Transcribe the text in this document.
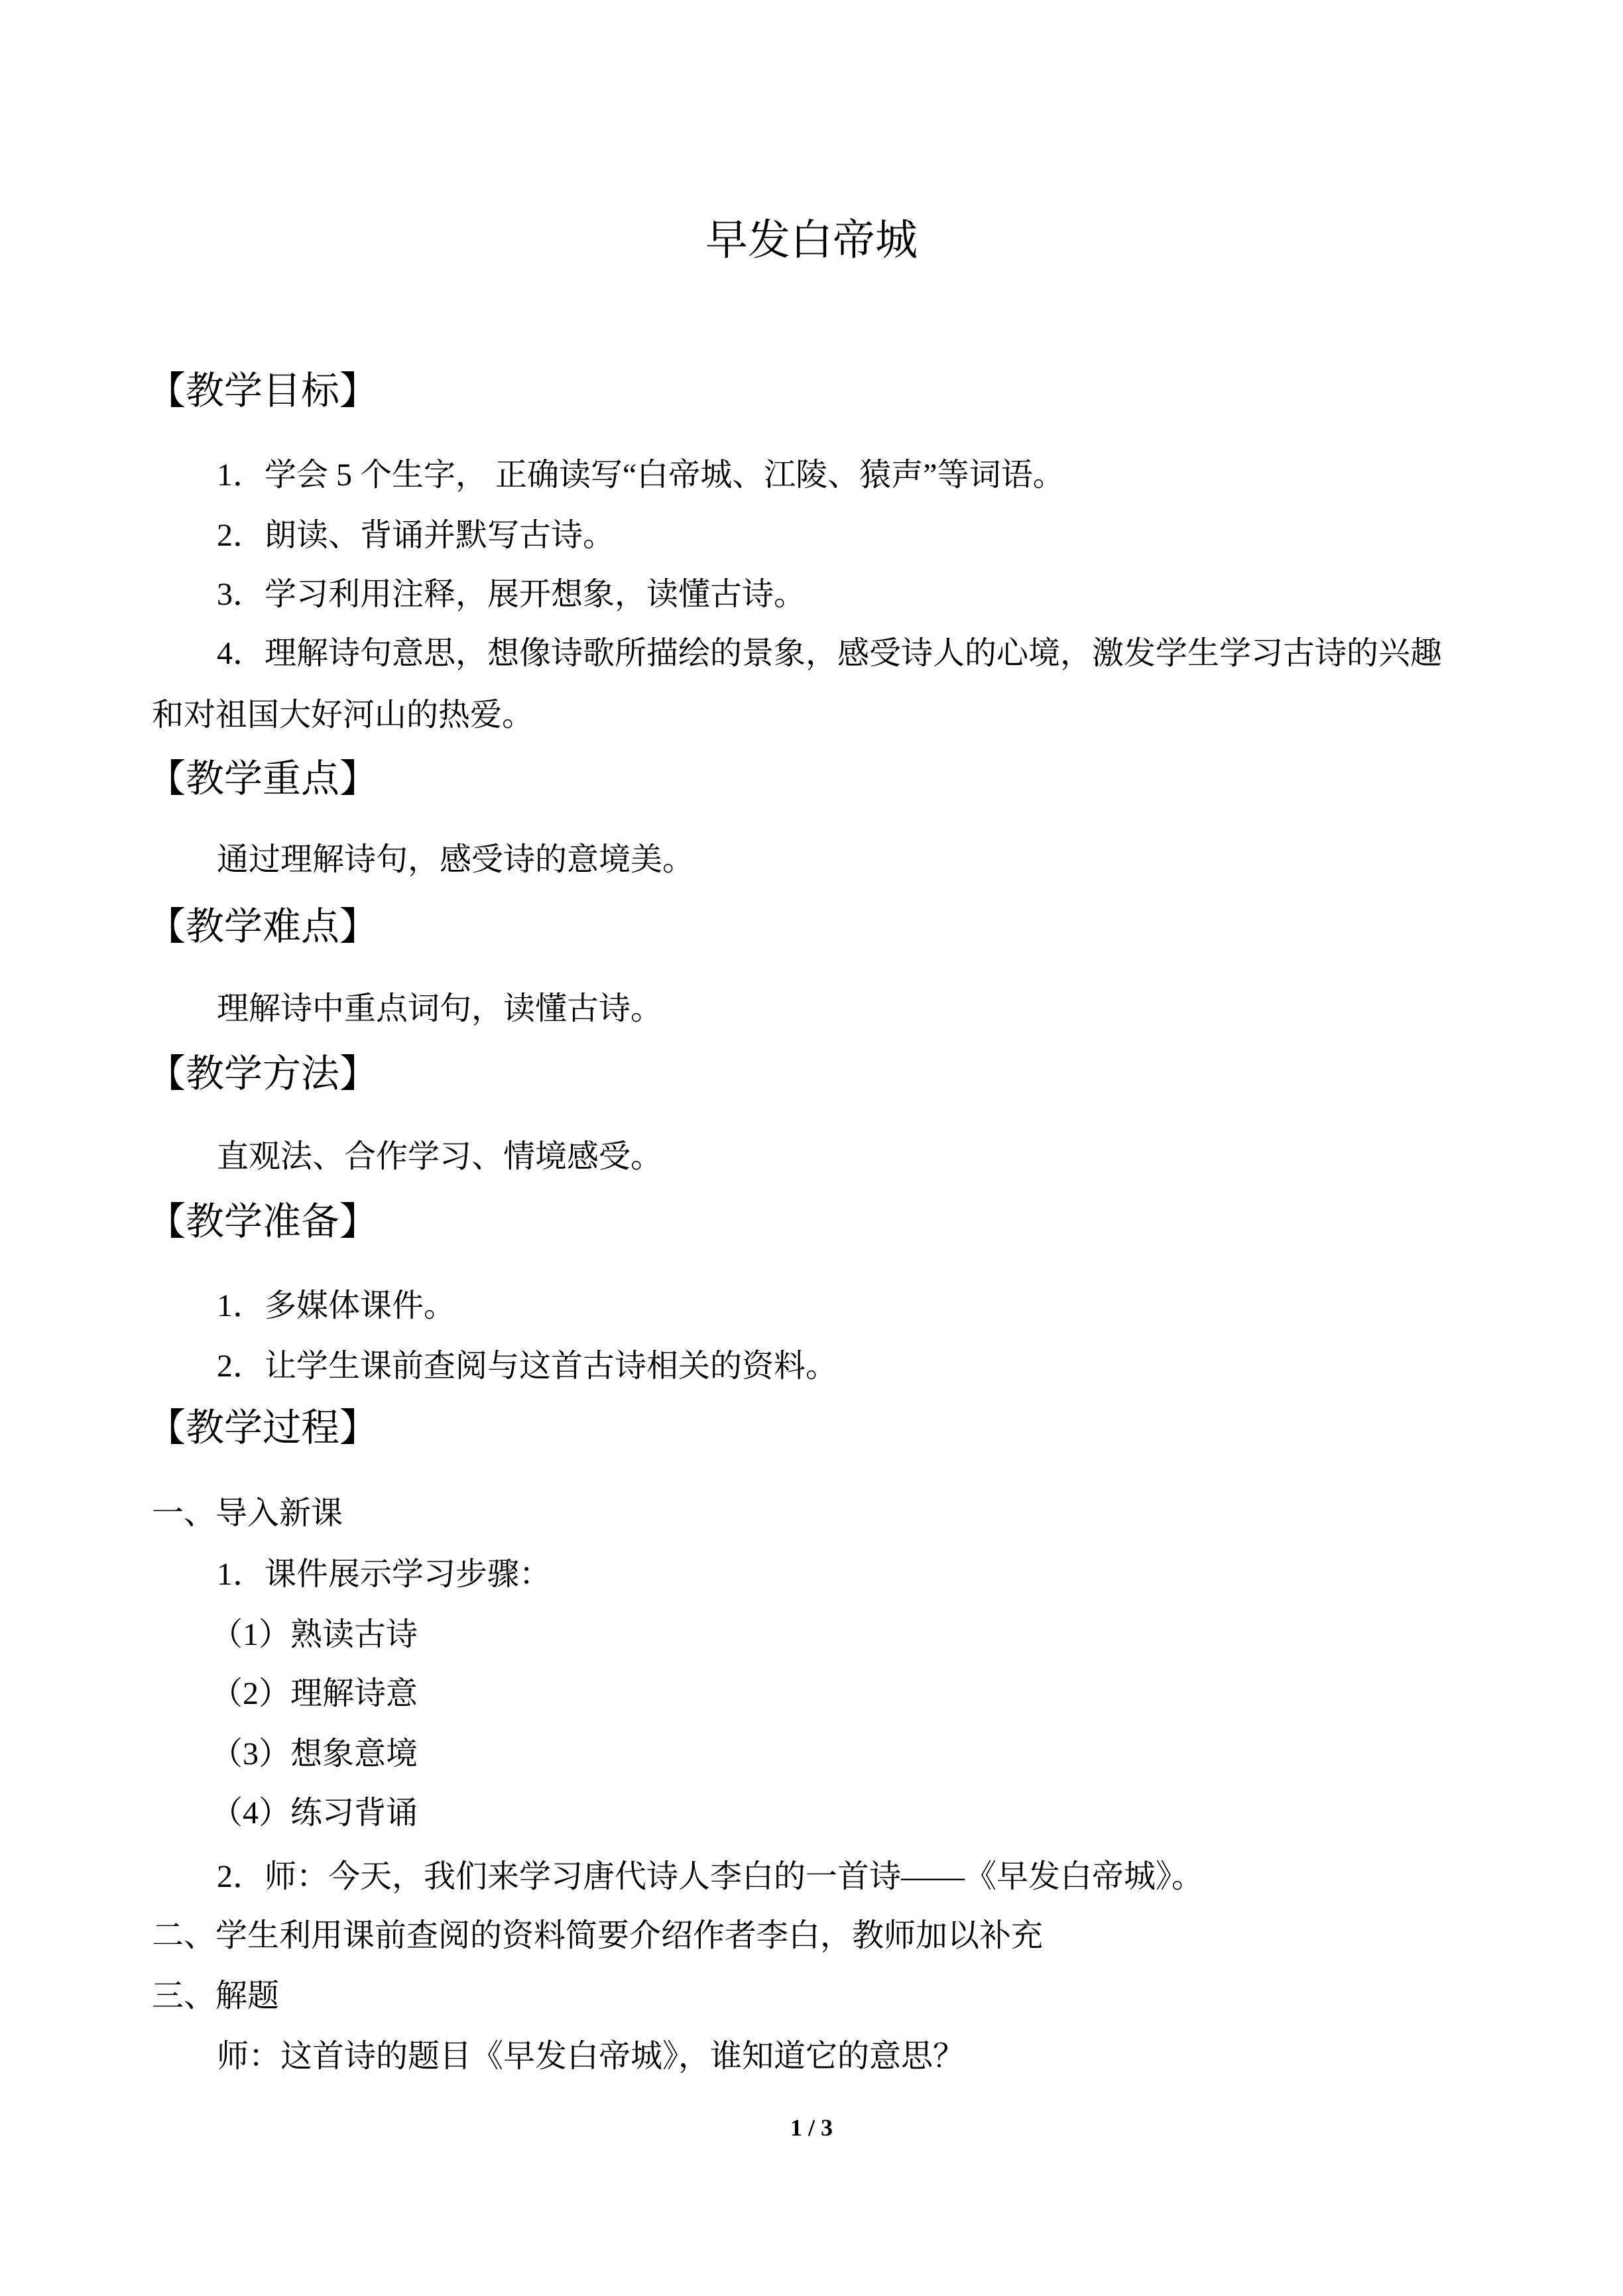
早发白帝城
【教学目标】
1．学会 5 个生字， 正确读写“白帝城、江陵、猿声”等词语。
2．朗读、背诵并默写古诗。
3．学习利用注释，展开想象，读懂古诗。
4．理解诗句意思，想像诗歌所描绘的景象，感受诗人的心境，激发学生学习古诗的兴趣
和对祖国大好河山的热爱。
【教学重点】
通过理解诗句，感受诗的意境美。
【教学难点】
理解诗中重点词句，读懂古诗。
【教学方法】
直观法、合作学习、情境感受。
【教学准备】
1．多媒体课件。
2．让学生课前查阅与这首古诗相关的资料。
【教学过程】
一、导入新课
1．课件展示学习步骤：
（1）熟读古诗
（2）理解诗意
（3）想象意境
（4）练习背诵
2．师：今天，我们来学习唐代诗人李白的一首诗——《早发白帝城》。
二、学生利用课前查阅的资料简要介绍作者李白，教师加以补充
三、解题
师：这首诗的题目《早发白帝城》，谁知道它的意思？
1 / 3
